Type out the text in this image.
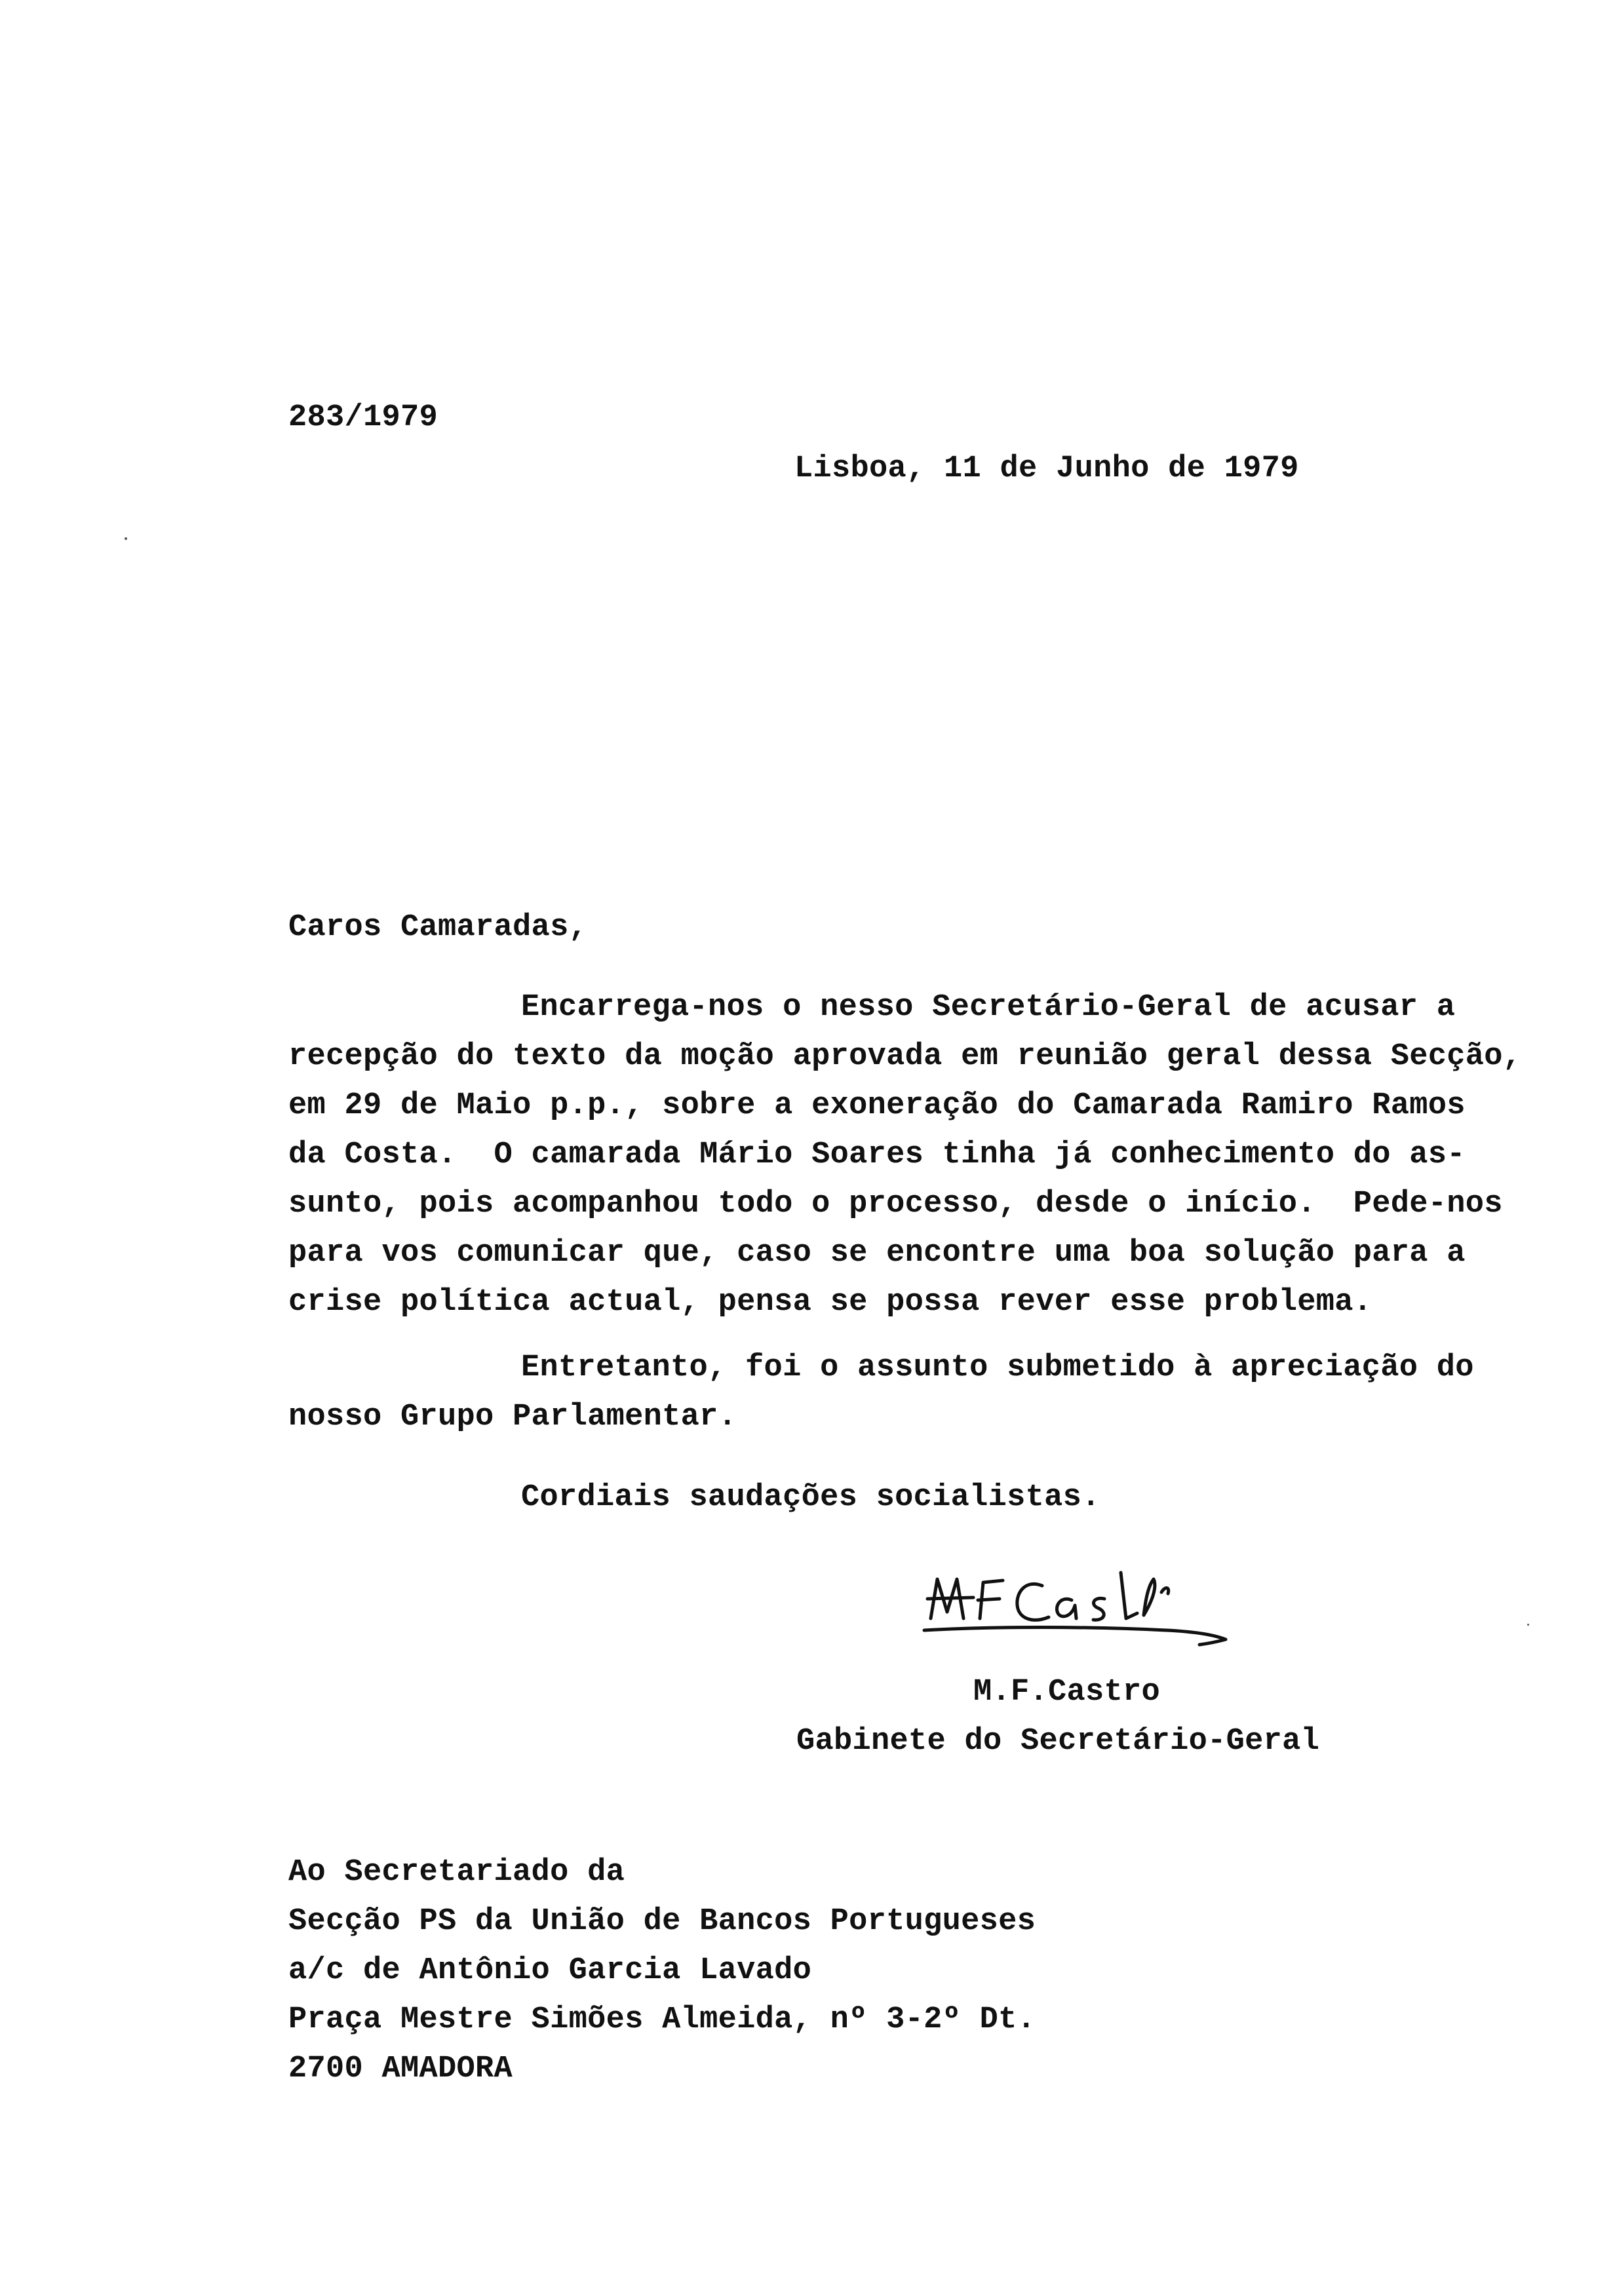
283/1979
Lisboa, 11 de Junho de 1979
Caros Camaradas,
Encarrega-nos o nesso Secretário-Geral de acusar a
recepção do texto da moção aprovada em reunião geral dessa Secção,
em 29 de Maio p.p., sobre a exoneração do Camarada Ramiro Ramos
da Costa.  O camarada Mário Soares tinha já conhecimento do as-
sunto, pois acompanhou todo o processo, desde o início.  Pede-nos
para vos comunicar que, caso se encontre uma boa solução para a
crise política actual, pensa se possa rever esse problema.
Entretanto, foi o assunto submetido à apreciação do
nosso Grupo Parlamentar.
Cordiais saudações socialistas.
M.F.Castro
Gabinete do Secretário-Geral
Ao Secretariado da
Secção PS da União de Bancos Portugueses
a/c de Antônio Garcia Lavado
Praça Mestre Simões Almeida, nº 3-2º Dt.
2700 AMADORA
